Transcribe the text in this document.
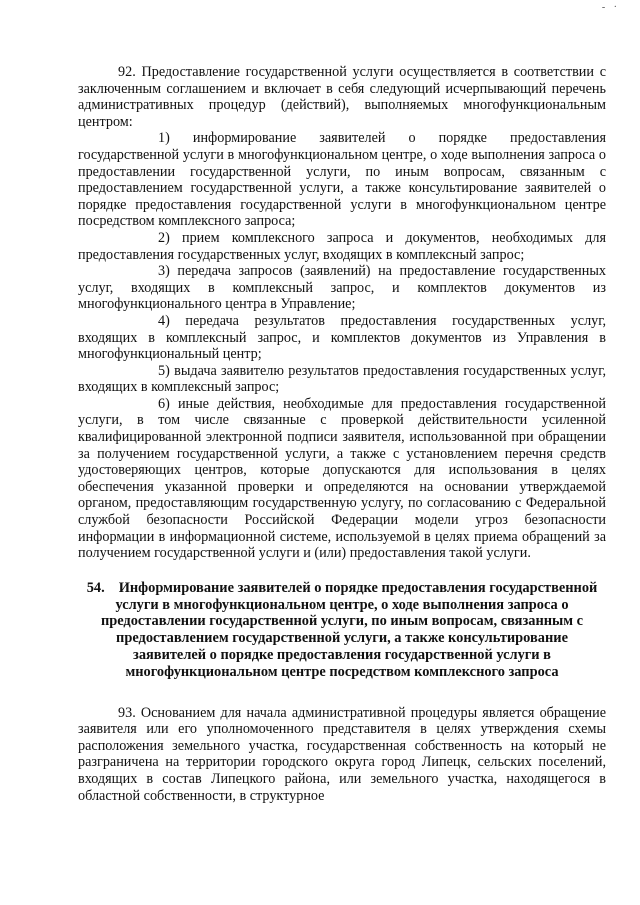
- ·

92. Предоставление государственной услуги осуществляется в соответствии с заключенным соглашением и включает в себя следующий исчерпывающий перечень административных процедур (действий), выполняемых многофункциональным центром:

1) информирование заявителей о порядке предоставления государственной услуги в многофункциональном центре, о ходе выполнения запроса о предоставлении государственной услуги, по иным вопросам, связанным с предоставлением государственной услуги, а также консультирование заявителей о порядке предоставления государственной услуги в многофункциональном центре посредством комплексного запроса;

2) прием комплексного запроса и документов, необходимых для предоставления государственных услуг, входящих в комплексный запрос;

3) передача запросов (заявлений) на предоставление государственных услуг, входящих в комплексный запрос, и комплектов документов из многофункционального центра в Управление;

4) передача результатов предоставления государственных услуг, входящих в комплексный запрос, и комплектов документов из Управления в многофункциональный центр;

5) выдача заявителю результатов предоставления государственных услуг, входящих в комплексный запрос;

6) иные действия, необходимые для предоставления государственной услуги, в том числе связанные с проверкой действительности усиленной квалифицированной электронной подписи заявителя, использованной при обращении за получением государственной услуги, а также с установлением перечня средств удостоверяющих центров, которые допускаются для использования в целях обеспечения указанной проверки и определяются на основании утверждаемой органом, предоставляющим государственную услугу, по согласованию с Федеральной службой безопасности Российской Федерации модели угроз безопасности информации в информационной системе, используемой в целях приема обращений за получением государственной услуги и (или) предоставления такой услуги.

54. Информирование заявителей о порядке предоставления государственной услуги в многофункциональном центре, о ходе выполнения запроса о предоставлении государственной услуги, по иным вопросам, связанным с предоставлением государственной услуги, а также консультирование заявителей о порядке предоставления государственной услуги в многофункциональном центре посредством комплексного запроса

93. Основанием для начала административной процедуры является обращение заявителя или его уполномоченного представителя в целях утверждения схемы расположения земельного участка, государственная собственность на который не разграничена на территории городского округа город Липецк, сельских поселений, входящих в состав Липецкого района, или земельного участка, находящегося в областной собственности, в структурное
